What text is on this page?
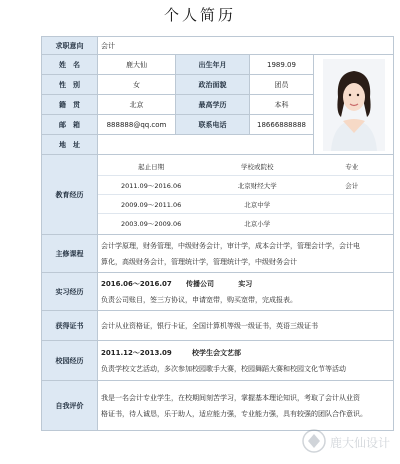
个人简历
求职意向	会计
姓　名	鹿大仙	出生年月	1989.09	

性　别	女	政治面貌	团员
籍　贯	北京	最高学历	本科
邮　箱	888888@qq.com	联系电话	18666888888
地　址	
教育经历	
起止日期	学校或院校	专业
2011.09～2016.06	北京财经大学	会计
2009.09～2011.06	北京中学	
2003.09～2009.06	北京小学	

主修课程	
会计学原理，财务管理，中级财务会计，审计学，成本会计学，管理会计学，会计电
算化，高级财务会计，管理统计学，管理统计学，中级财务会计

实习经历	
2016.06～2016.07 传播公司	实习
负责公司账目，签三方协议，申请宽带，购买宽带，完成报表。

获得证书	会计从业资格证，银行卡证，全国计算机等级一级证书，英语三级证书
校园经历	
2011.12～2013.09	校学生会文艺部
负责学校文艺活动，多次参加校园歌手大赛，校园舞蹈大赛和校园文化节等活动

自我评价	
我是一名会计专业学生，在校期间刻苦学习，掌握基本理论知识，考取了会计从业资
格证书，待人诚恳，乐于助人，适应能力强，专业能力强，具有较强的团队合作意识。
鹿大仙设计
